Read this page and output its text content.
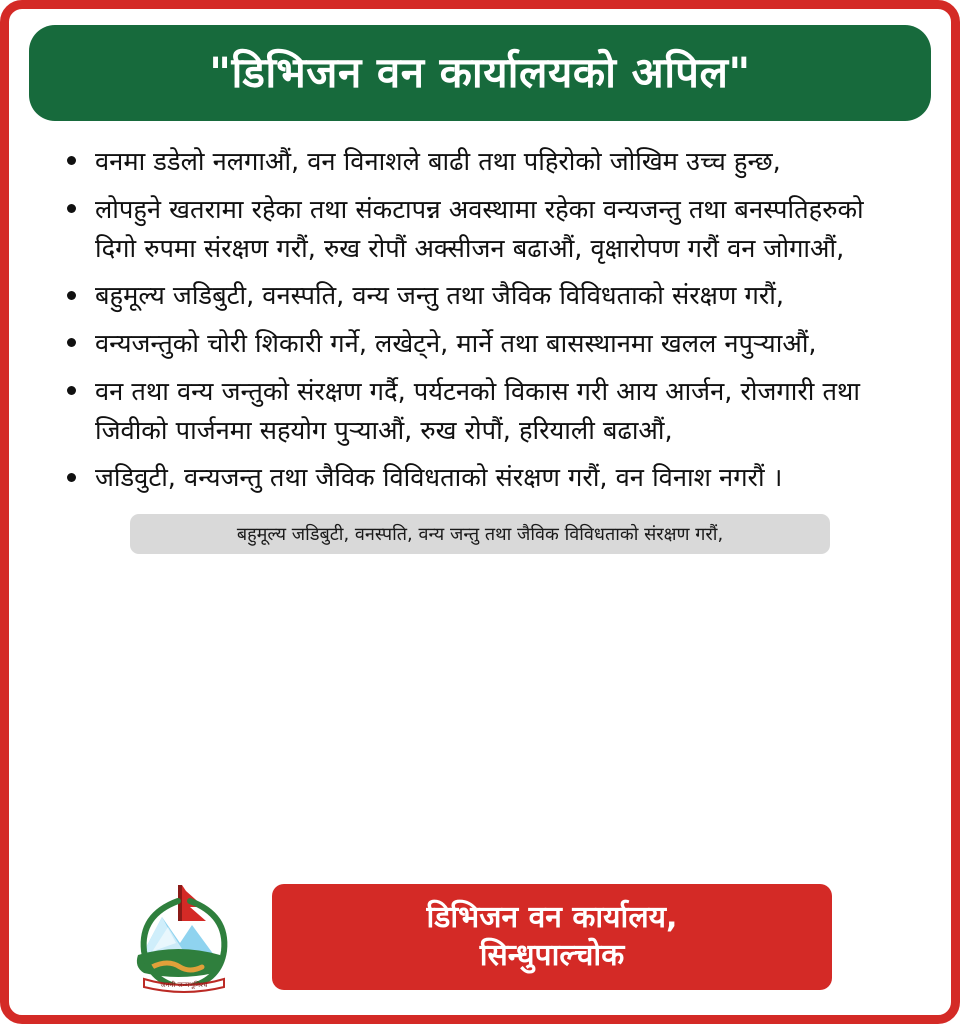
"डिभिजन वन कार्यालयको अपिल"
वनमा डडेलो नलगाऔं, वन विनाशले बाढी तथा पहिरोको जोखिम उच्च हुन्छ,
लोपहुने खतरामा रहेका तथा संकटापन्न अवस्थामा रहेका वन्यजन्तु तथा बनस्पतिहरुको दिगो रुपमा संरक्षण गरौं, रुख रोपौं अक्सीजन बढाऔं, वृक्षारोपण गरौं वन जोगाऔं,
बहुमूल्य जडिबुटी, वनस्पति, वन्य जन्तु तथा जैविक विविधताको संरक्षण गरौं,
वन्यजन्तुको चोरी शिकारी गर्ने, लखेट्ने, मार्ने तथा बासस्थानमा खलल नपुऱ्याऔं,
वन तथा वन्य जन्तुको संरक्षण गर्दै, पर्यटनको विकास गरी आय आर्जन, रोजगारी तथा जिवीको पार्जनमा सहयोग पुऱ्याऔं, रुख रोपौं, हरियाली बढाऔं,
जडिवुटी, वन्यजन्तु तथा जैविक विविधताको संरक्षण गरौं, वन विनाश नगरौं ।
बहुमूल्य जडिबुटी, वनस्पति, वन्य जन्तु तथा जैविक विविधताको संरक्षण गरौं,
जननी जन्मभूमिश्च
डिभिजन वन कार्यालय,
सिन्धुपाल्चोक
